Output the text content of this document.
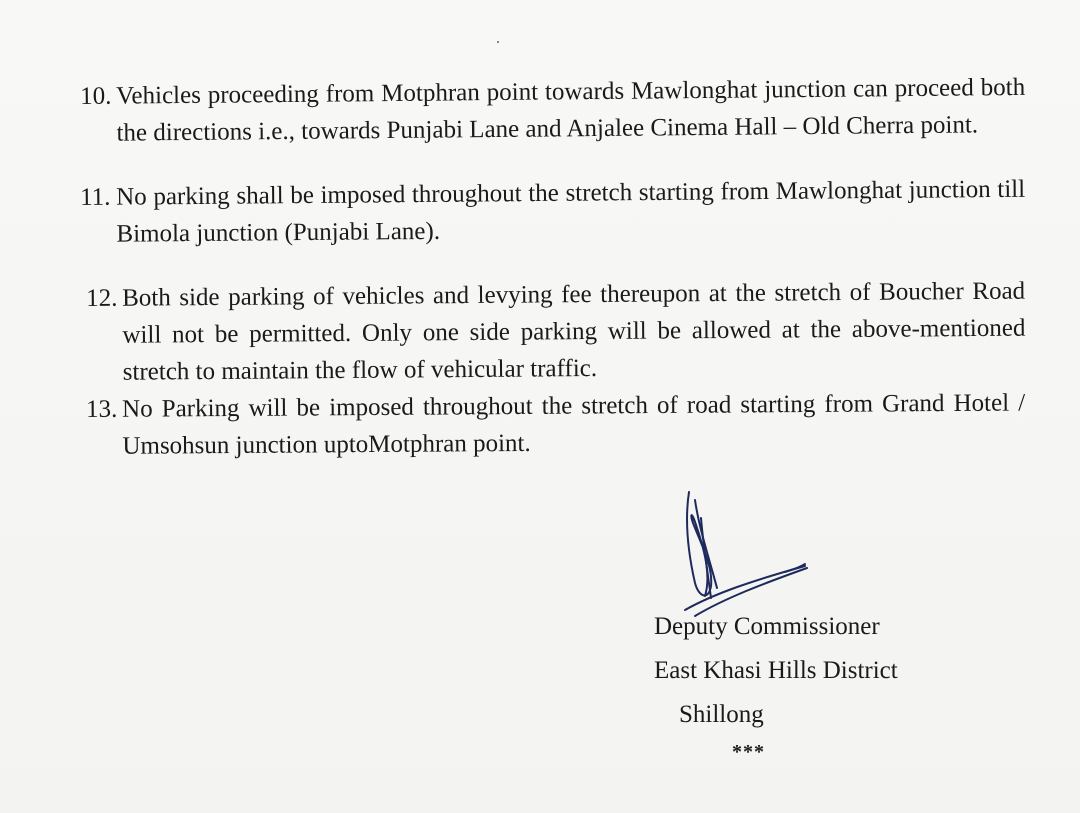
10. Vehicles proceeding from Motphran point towards Mawlonghat junction can proceed both the directions i.e., towards Punjabi Lane and Anjalee Cinema Hall – Old Cherra point.
11. No parking shall be imposed throughout the stretch starting from Mawlonghat junction till Bimola junction (Punjabi Lane).
12. Both side parking of vehicles and levying fee thereupon at the stretch of Boucher Road will not be permitted. Only one side parking will be allowed at the above-mentioned stretch to maintain the flow of vehicular traffic.
13. No Parking will be imposed throughout the stretch of road starting from Grand Hotel / Umsohsun junction uptoMotphran point.
Deputy Commissioner
East Khasi Hills District
Shillong
***
